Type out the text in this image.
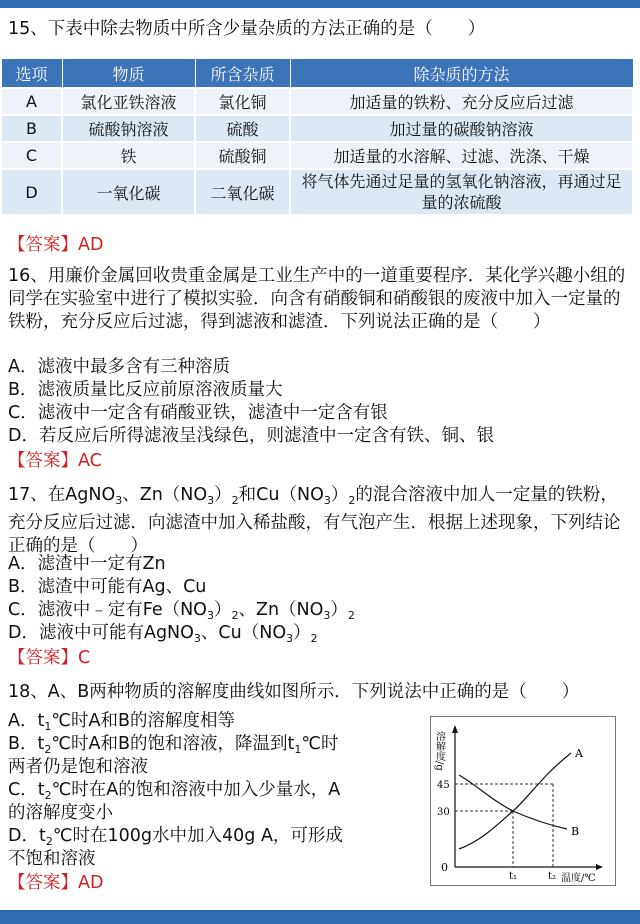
15、下表中除去物质中所含少量杂质的方法正确的是（　　）
选项	物质	所含杂质	除杂质的方法
A	氯化亚铁溶液	氯化铜	加适量的铁粉、充分反应后过滤
B	硫酸钠溶液	硫酸	加过量的碳酸钠溶液
C	铁	硫酸铜	加适量的水溶解、过滤、洗涤、干燥
D	一氧化碳	二氧化碳	将气体先通过足量的氢氧化钠溶液，再通过足量的浓硫酸
【答案】AD
16、用廉价金属回收贵重金属是工业生产中的一道重要程序．某化学兴趣小组的同学在实验室中进行了模拟实验．向含有硝酸铜和硝酸银的废液中加入一定量的铁粉，充分反应后过滤，得到滤液和滤渣．下列说法正确的是（　　）
A．滤液中最多含有三种溶质
B．滤液质量比反应前原溶液质量大
C．滤液中一定含有硝酸亚铁，滤渣中一定含有银
D．若反应后所得滤液呈浅绿色，则滤渣中一定含有铁、铜、银
【答案】AC
17、在AgNO$_3$、$Zn(NO_3)_2$和$Cu(NO_3)_2$的混合溶液中加人一定量的铁粉，充分反应后过滤．向滤渣中加入稀盐酸，有气泡产生．根据上述现象，下列结论正确的是（　　）
A．滤渣中一定有Zn
B．滤渣中可能有Ag、Cu
C．滤液中﹣定有$Fe(NO_3)_2$、$Zn(NO_3)_2$
D．滤液中可能有AgNO$_3$、$Cu(NO_3)_2$
【答案】C
18、A、B两种物质的溶解度曲线如图所示．下列说法中正确的是（　　）
A．$t_1℃$时A和B的溶解度相等
B．$t_2℃$时A和B的饱和溶液，降温到$t_1℃$时
两者仍是饱和溶液
C．$t_2℃$时在A的饱和溶液中加入少量水，A
的溶解度变小
D．$t_2℃$时在100g水中加入40g A，可形成
不饱和溶液
【答案】AD
溶解度/g
温度/℃
0
45
30
A
B
t₁	t₂
